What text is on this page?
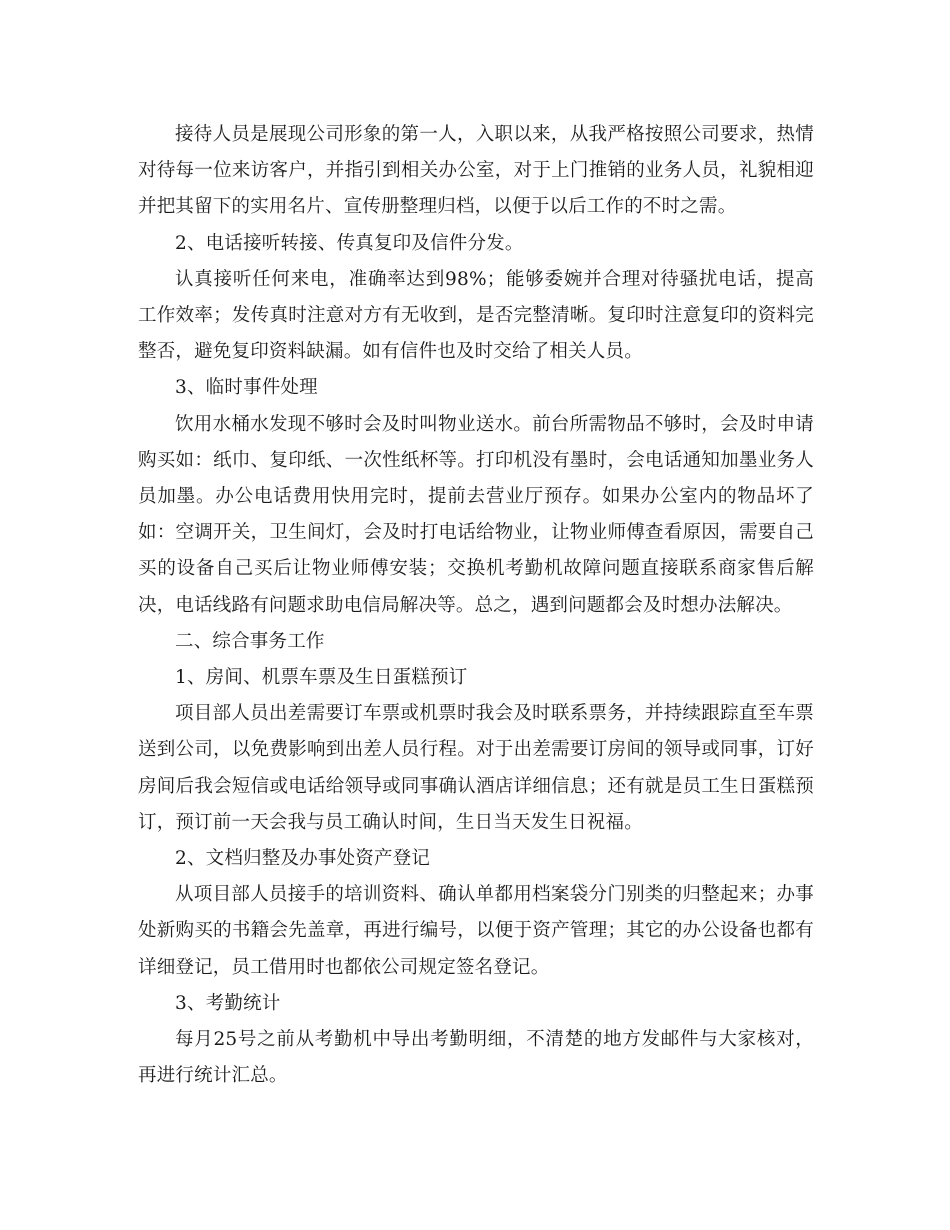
接待人员是展现公司形象的第一人，入职以来，从我严格按照公司要求，热情对待每一位来访客户，并指引到相关办公室，对于上门推销的业务人员，礼貌相迎并把其留下的实用名片、宣传册整理归档，以便于以后工作的不时之需。

2、电话接听转接、传真复印及信件分发。

认真接听任何来电，准确率达到98%；能够委婉并合理对待骚扰电话，提高工作效率；发传真时注意对方有无收到，是否完整清晰。复印时注意复印的资料完整否，避免复印资料缺漏。如有信件也及时交给了相关人员。

3、临时事件处理

饮用水桶水发现不够时会及时叫物业送水。前台所需物品不够时，会及时申请购买如：纸巾、复印纸、一次性纸杯等。打印机没有墨时，会电话通知加墨业务人员加墨。办公电话费用快用完时，提前去营业厅预存。如果办公室内的物品坏了如：空调开关，卫生间灯，会及时打电话给物业，让物业师傅查看原因，需要自己买的设备自己买后让物业师傅安装；交换机考勤机故障问题直接联系商家售后解决，电话线路有问题求助电信局解决等。总之，遇到问题都会及时想办法解决。

二、综合事务工作

1、房间、机票车票及生日蛋糕预订

项目部人员出差需要订车票或机票时我会及时联系票务，并持续跟踪直至车票送到公司，以免费影响到出差人员行程。对于出差需要订房间的领导或同事，订好房间后我会短信或电话给领导或同事确认酒店详细信息；还有就是员工生日蛋糕预订，预订前一天会我与员工确认时间，生日当天发生日祝福。

2、文档归整及办事处资产登记

从项目部人员接手的培训资料、确认单都用档案袋分门别类的归整起来；办事处新购买的书籍会先盖章，再进行编号，以便于资产管理；其它的办公设备也都有详细登记，员工借用时也都依公司规定签名登记。

3、考勤统计

每月25号之前从考勤机中导出考勤明细，不清楚的地方发邮件与大家核对，再进行统计汇总。
